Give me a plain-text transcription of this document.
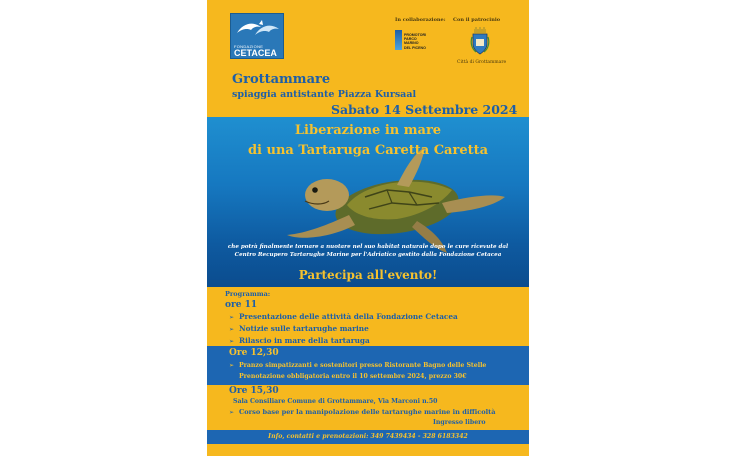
FONDAZIONE
CETACEA
In collaborazione:
PROMOTORI
PARCO
MARINO
DEL PICENO
Con il patrocinio
Città di Grottammare
Grottammare
spiaggia antistante Piazza Kursaal
Sabato 14 Settembre 2024
Liberazione in mare
di una Tartaruga Caretta Caretta
che potrà finalmente tornare a nuotare nel suo habitat naturale dopo le cure ricevute dal
Centro Recupero Tartarughe Marine per l'Adriatico gestito dalla Fondazione Cetacea
Partecipa all'evento!
Programma:
ore 11
➢ Presentazione delle attività della Fondazione Cetacea
➢ Notizie sulle tartarughe marine
➢ Rilascio in mare della tartaruga
Ore 12,30
➢ Pranzo simpatizzanti e sostenitori presso Ristorante Bagno delle Stelle
Prenotazione obbligatoria entro il 10 settembre 2024, prezzo 30€
Ore 15,30
Sala Consiliare Comune di Grottammare, Via Marconi n.50
➢ Corso base per la manipolazione delle tartarughe marine in difficoltà
Ingresso libero
Info, contatti e prenotazioni: 349 7439434 - 328 6183342
